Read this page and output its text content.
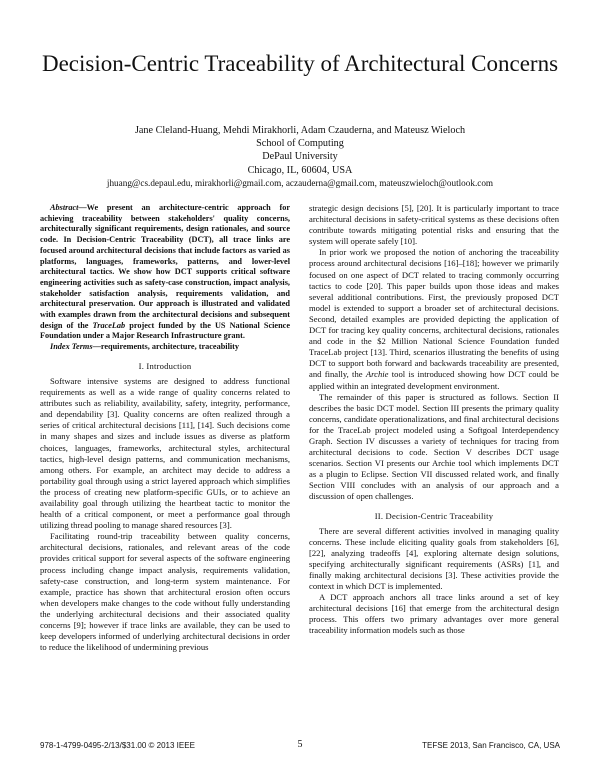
Decision-Centric Traceability of Architectural Concerns
Jane Cleland-Huang, Mehdi Mirakhorli, Adam Czauderna, and Mateusz Wieloch
School of Computing
DePaul University
Chicago, IL, 60604, USA
jhuang@cs.depaul.edu, mirakhorli@gmail.com, aczauderna@gmail.com, mateuszwieloch@outlook.com

Abstract—We present an architecture-centric approach for achieving traceability between stakeholders' quality concerns, architecturally significant requirements, design rationales, and source code. In Decision-Centric Traceability (DCT), all trace links are focused around architectural decisions that include factors as varied as platforms, languages, frameworks, patterns, and lower-level architectural tactics. We show how DCT supports critical software engineering activities such as safety-case construction, impact analysis, stakeholder satisfaction analysis, requirements validation, and architectural preservation. Our approach is illustrated and validated with examples drawn from the architectural decisions and subsequent design of the TraceLab project funded by the US National Science Foundation under a Major Research Infrastructure grant.

Index Terms—requirements, architecture, traceability

I. Introduction

Software intensive systems are designed to address functional requirements as well as a wide range of quality concerns related to attributes such as reliability, availability, safety, integrity, performance, and dependability [3]. Quality concerns are often realized through a series of critical architectural decisions [11], [14]. Such decisions come in many shapes and sizes and include issues as diverse as platform choices, languages, frameworks, architectural styles, architectural tactics, high-level design patterns, and communication mechanisms, among others. For example, an architect may decide to address a portability goal through using a strict layered approach which simplifies the process of creating new platform-specific GUIs, or to achieve an availability goal through utilizing the heartbeat tactic to monitor the health of a critical component, or meet a performance goal through utilizing thread pooling to manage shared resources [3].

Facilitating round-trip traceability between quality concerns, architectural decisions, rationales, and relevant areas of the code provides critical support for several aspects of the software engineering process including change impact analysis, requirements validation, safety-case construction, and long-term system maintenance. For example, practice has shown that architectural erosion often occurs when developers make changes to the code without fully understanding the underlying architectural decisions and their associated quality concerns [9]; however if trace links are available, they can be used to keep developers informed of underlying architectural decisions in order to reduce the likelihood of undermining previous

strategic design decisions [5], [20]. It is particularly important to trace architectural decisions in safety-critical systems as these decisions often contribute towards mitigating potential risks and ensuring that the system will operate safely [10].

In prior work we proposed the notion of anchoring the traceability process around architectural decisions [16]–[18]; however we primarily focused on one aspect of DCT related to tracing commonly occurring tactics to code [20]. This paper builds upon those ideas and makes several additional contributions. First, the previously proposed DCT model is extended to support a broader set of architectural decisions. Second, detailed examples are provided depicting the application of DCT for tracing key quality concerns, architectural decisions, rationales and code in the $2 Million National Science Foundation funded TraceLab project [13]. Third, scenarios illustrating the benefits of using DCT to support both forward and backwards traceability are presented, and finally, the Archie tool is introduced showing how DCT could be applied within an integrated development environment.

The remainder of this paper is structured as follows. Section II describes the basic DCT model. Section III presents the primary quality concerns, candidate operationalizations, and final architectural decisions for the TraceLab project modeled using a Softgoal Interdependency Graph. Section IV discusses a variety of techniques for tracing from architectural decisions to code. Section V describes DCT usage scenarios. Section VI presents our Archie tool which implements DCT as a plugin to Eclipse. Section VII discussed related work, and finally Section VIII concludes with an analysis of our approach and a discussion of open challenges.

II. Decision-Centric Traceability

There are several different activities involved in managing quality concerns. These include eliciting quality goals from stakeholders [6], [22], analyzing tradeoffs [4], exploring alternate design solutions, specifying architecturally significant requirements (ASRs) [1], and finally making architectural decisions [3]. These activities provide the context in which DCT is implemented.

A DCT approach anchors all trace links around a set of key architectural decisions [16] that emerge from the architectural design process. This offers two primary advantages over more general traceability information models such as those

978-1-4799-0495-2/13/$31.00 © 2013 IEEE	5	TEFSE 2013, San Francisco, CA, USA
